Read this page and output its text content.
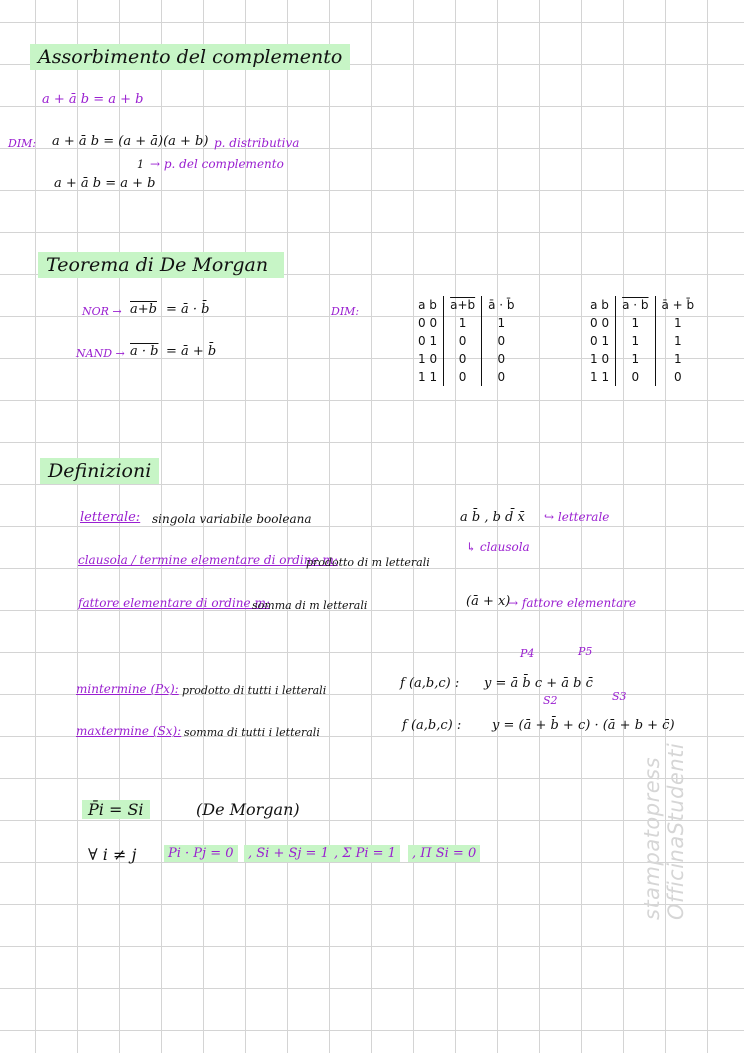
Assorbimento del complemento
a + ā b = a + b
DIM: a + ā b = (a + ā)(a + b) p. distributiva
1 → p. del complemento
a + ā b = a + b
Teorema di De Morgan
NOR → a+b = ā · b̄
NAND → a · b = ā + b̄
DIM:	a b	a+b	ā · b̄
0 0	1	1
0 1	0	0
1 0	0	0
1 1	0	0
a b	a · b	ā + b̄
0 0	1	1
0 1	1	1
1 0	1	1
1 1	0	0
Definizioni
letterale: singola variabile booleana
clausola / termine elementare di ordine m:
prodotto di m letterali
fattore elementare di ordine m:
somma di m letterali
a b̄ , b d̄ x̄ ↪ letterale
↳ clausola
(ā + x)
→ fattore elementare
mintermine (Px): prodotto di tutti i letterali
maxtermine (Sx): somma di tutti i letterali
P4	P5
f (a,b,c) : y = ā b̄ c + ā b c̄
S2	S3
f (a,b,c) : y = (ā + b̄ + c) · (ā + b + c̄)
P̄i = Si	(De Morgan)
∀ i ≠ j	Pi · Pj = 0	, Si + Sj = 1 , Σ Pi = 1	, Π Si = 0	stampatopress OfficinaStudenti
